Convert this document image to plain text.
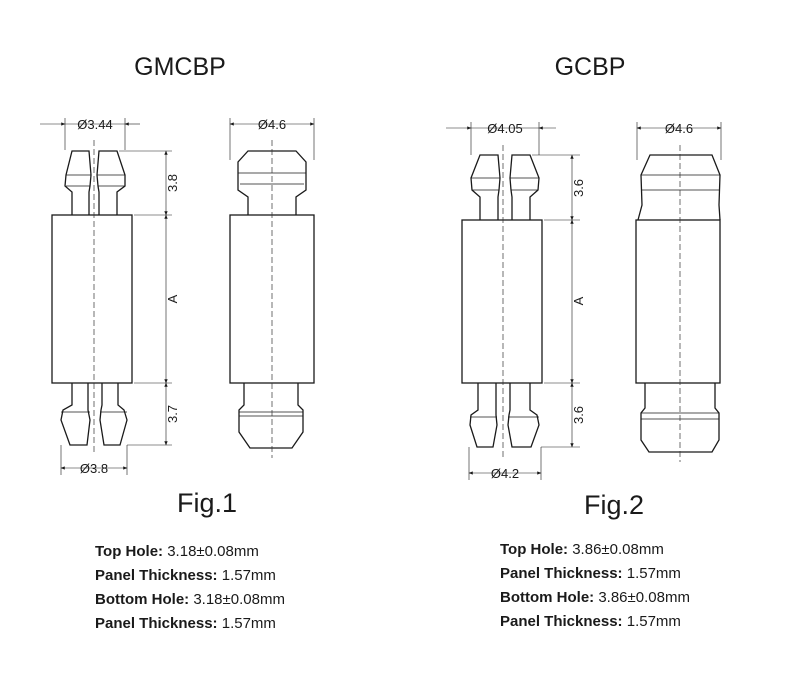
GMCBP
Ø3.44	Ø4.6
Ø3.8
3.8
A
3.7
Fig.1
GCBP
Ø4.05	Ø4.6
Ø4.2
3.6
A
3.6
Fig.2
Top Hole: 3.18±0.08mm
Panel Thickness: 1.57mm
Bottom Hole: 3.18±0.08mm
Panel Thickness: 1.57mm
Top Hole: 3.86±0.08mm
Panel Thickness: 1.57mm
Bottom Hole: 3.86±0.08mm
Panel Thickness: 1.57mm
